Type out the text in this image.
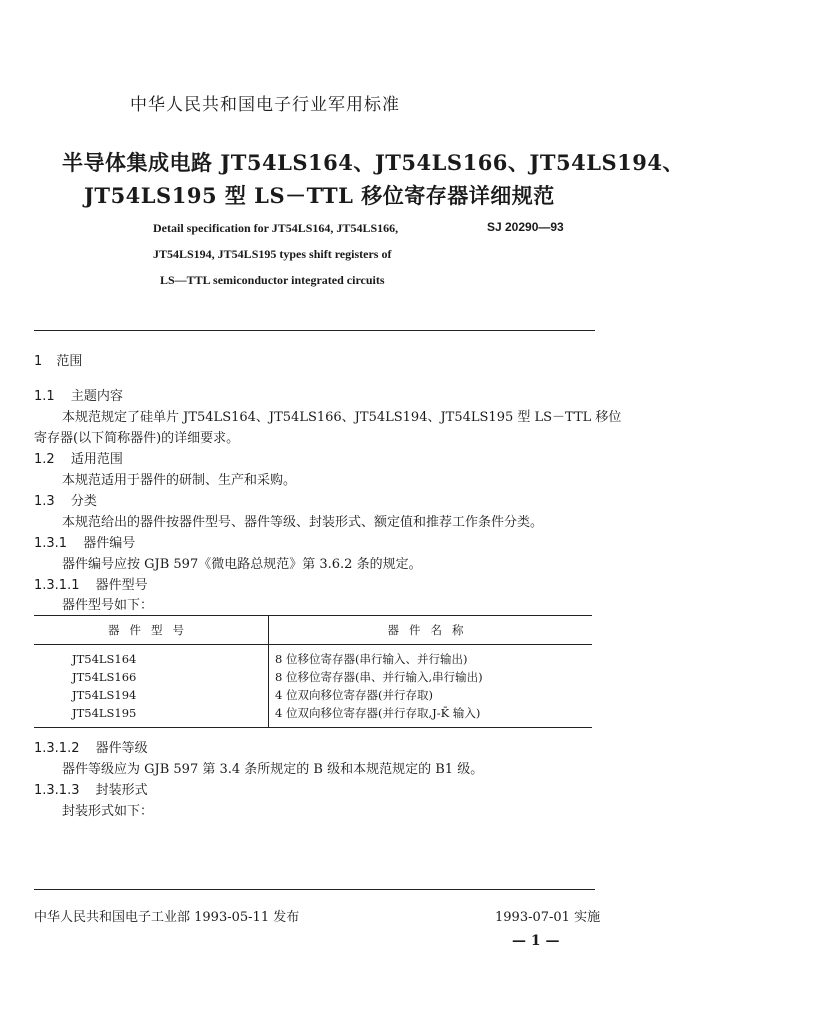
中华人民共和国电子行业军用标准
半导体集成电路 JT54LS164、JT54LS166、JT54LS194、
JT54LS195 型 LS－TTL 移位寄存器详细规范
Detail specification for JT54LS164, JT54LS166,
JT54LS194, JT54LS195 types shift registers of
LS—TTL semiconductor integrated circuits
SJ 20290—93
1 范围
1.1 主题内容
本规范规定了硅单片 JT54LS164、JT54LS166、JT54LS194、JT54LS195 型 LS－TTL 移位
寄存器(以下简称器件)的详细要求。
1.2 适用范围
本规范适用于器件的研制、生产和采购。
1.3 分类
本规范给出的器件按器件型号、器件等级、封装形式、额定值和推荐工作条件分类。
1.3.1 器件编号
器件编号应按 GJB 597《微电路总规范》第 3.6.2 条的规定。
1.3.1.1 器件型号
器件型号如下：
器件型号	器件名称
JT54LS164	8 位移位寄存器(串行输入、并行输出)
JT54LS166	8 位移位寄存器(串、并行输入,串行输出)
JT54LS194	4 位双向移位寄存器(并行存取)
JT54LS195	4 位双向移位寄存器(并行存取,J-K̄ 输入)
1.3.1.2 器件等级
器件等级应为 GJB 597 第 3.4 条所规定的 B 级和本规范规定的 B1 级。
1.3.1.3 封装形式
封装形式如下：
中华人民共和国电子工业部 1993-05-11 发布	1993-07-01 实施
— 1 —
